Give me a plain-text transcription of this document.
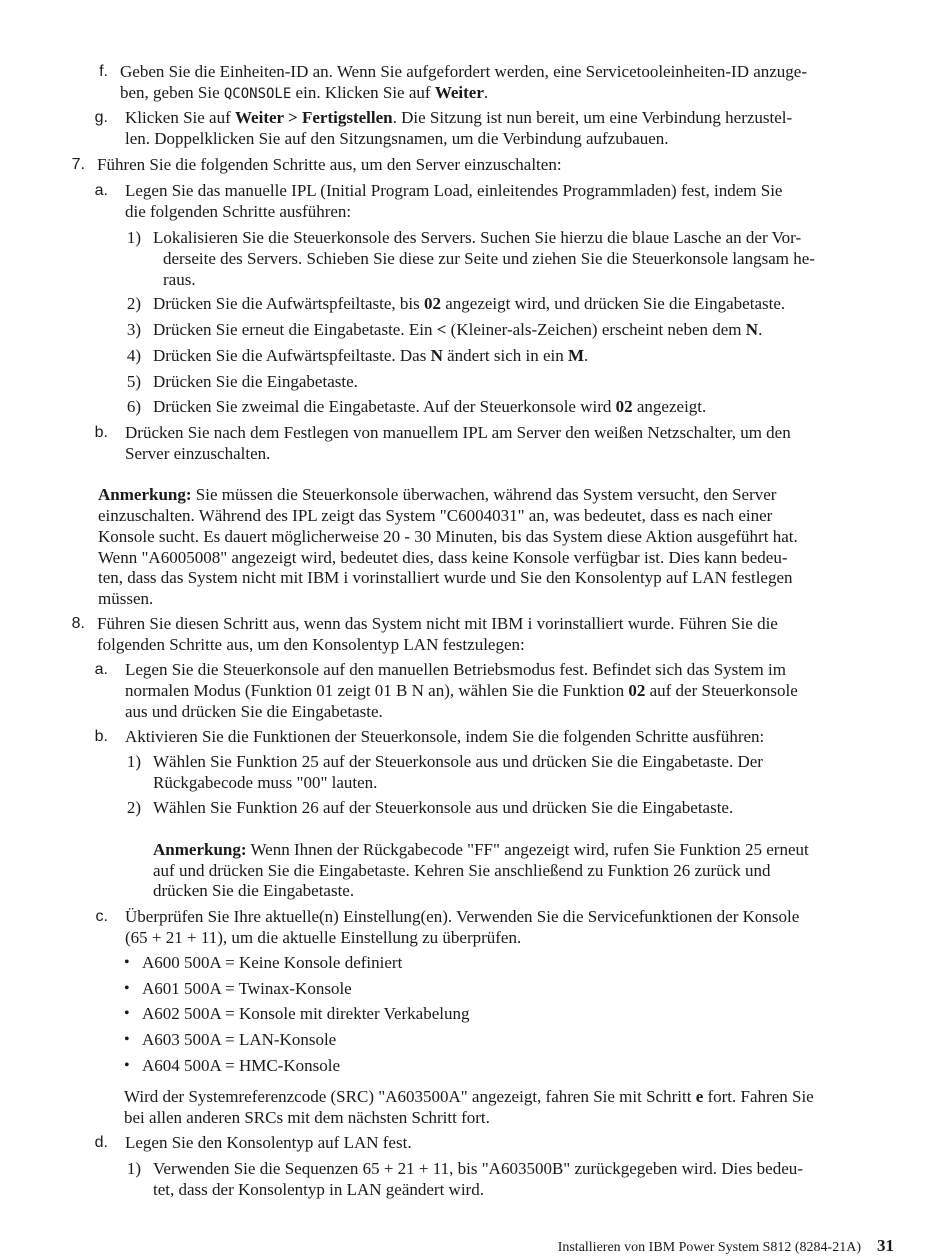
f. Geben Sie die Einheiten-ID an. Wenn Sie aufgefordert werden, eine Servicetooleinheiten-ID anzuge-
ben, geben Sie QCONSOLE ein. Klicken Sie auf Weiter.
g. Klicken Sie auf Weiter > Fertigstellen. Die Sitzung ist nun bereit, um eine Verbindung herzustel-
len. Doppelklicken Sie auf den Sitzungsnamen, um die Verbindung aufzubauen.
7. Führen Sie die folgenden Schritte aus, um den Server einzuschalten:
a. Legen Sie das manuelle IPL (Initial Program Load, einleitendes Programmladen) fest, indem Sie
die folgenden Schritte ausführen:
1) Lokalisieren Sie die Steuerkonsole des Servers. Suchen Sie hierzu die blaue Lasche an der Vor-
derseite des Servers. Schieben Sie diese zur Seite und ziehen Sie die Steuerkonsole langsam he-
raus.
2) Drücken Sie die Aufwärtspfeiltaste, bis 02 angezeigt wird, und drücken Sie die Eingabetaste.
3) Drücken Sie erneut die Eingabetaste. Ein < (Kleiner-als-Zeichen) erscheint neben dem N.
4) Drücken Sie die Aufwärtspfeiltaste. Das N ändert sich in ein M.
5) Drücken Sie die Eingabetaste.
6) Drücken Sie zweimal die Eingabetaste. Auf der Steuerkonsole wird 02 angezeigt.
b. Drücken Sie nach dem Festlegen von manuellem IPL am Server den weißen Netzschalter, um den
Server einzuschalten.
Anmerkung: Sie müssen die Steuerkonsole überwachen, während das System versucht, den Server
einzuschalten. Während des IPL zeigt das System "C6004031" an, was bedeutet, dass es nach einer
Konsole sucht. Es dauert möglicherweise 20 - 30 Minuten, bis das System diese Aktion ausgeführt hat.
Wenn "A6005008" angezeigt wird, bedeutet dies, dass keine Konsole verfügbar ist. Dies kann bedeu-
ten, dass das System nicht mit IBM i vorinstalliert wurde und Sie den Konsolentyp auf LAN festlegen
müssen.
8. Führen Sie diesen Schritt aus, wenn das System nicht mit IBM i vorinstalliert wurde. Führen Sie die
folgenden Schritte aus, um den Konsolentyp LAN festzulegen:
a. Legen Sie die Steuerkonsole auf den manuellen Betriebsmodus fest. Befindet sich das System im
normalen Modus (Funktion 01 zeigt 01 B N an), wählen Sie die Funktion 02 auf der Steuerkonsole
aus und drücken Sie die Eingabetaste.
b. Aktivieren Sie die Funktionen der Steuerkonsole, indem Sie die folgenden Schritte ausführen:
1) Wählen Sie Funktion 25 auf der Steuerkonsole aus und drücken Sie die Eingabetaste. Der
Rückgabecode muss "00" lauten.
2) Wählen Sie Funktion 26 auf der Steuerkonsole aus und drücken Sie die Eingabetaste.
Anmerkung: Wenn Ihnen der Rückgabecode "FF" angezeigt wird, rufen Sie Funktion 25 erneut
auf und drücken Sie die Eingabetaste. Kehren Sie anschließend zu Funktion 26 zurück und
drücken Sie die Eingabetaste.
c. Überprüfen Sie Ihre aktuelle(n) Einstellung(en). Verwenden Sie die Servicefunktionen der Konsole
(65 + 21 + 11), um die aktuelle Einstellung zu überprüfen.
• A600 500A = Keine Konsole definiert
• A601 500A = Twinax-Konsole
• A602 500A = Konsole mit direkter Verkabelung
• A603 500A = LAN-Konsole
• A604 500A = HMC-Konsole
Wird der Systemreferenzcode (SRC) "A603500A" angezeigt, fahren Sie mit Schritt e fort. Fahren Sie
bei allen anderen SRCs mit dem nächsten Schritt fort.
d. Legen Sie den Konsolentyp auf LAN fest.
1) Verwenden Sie die Sequenzen 65 + 21 + 11, bis "A603500B" zurückgegeben wird. Dies bedeu-
tet, dass der Konsolentyp in LAN geändert wird.
Installieren von IBM Power System S812 (8284-21A) 31
